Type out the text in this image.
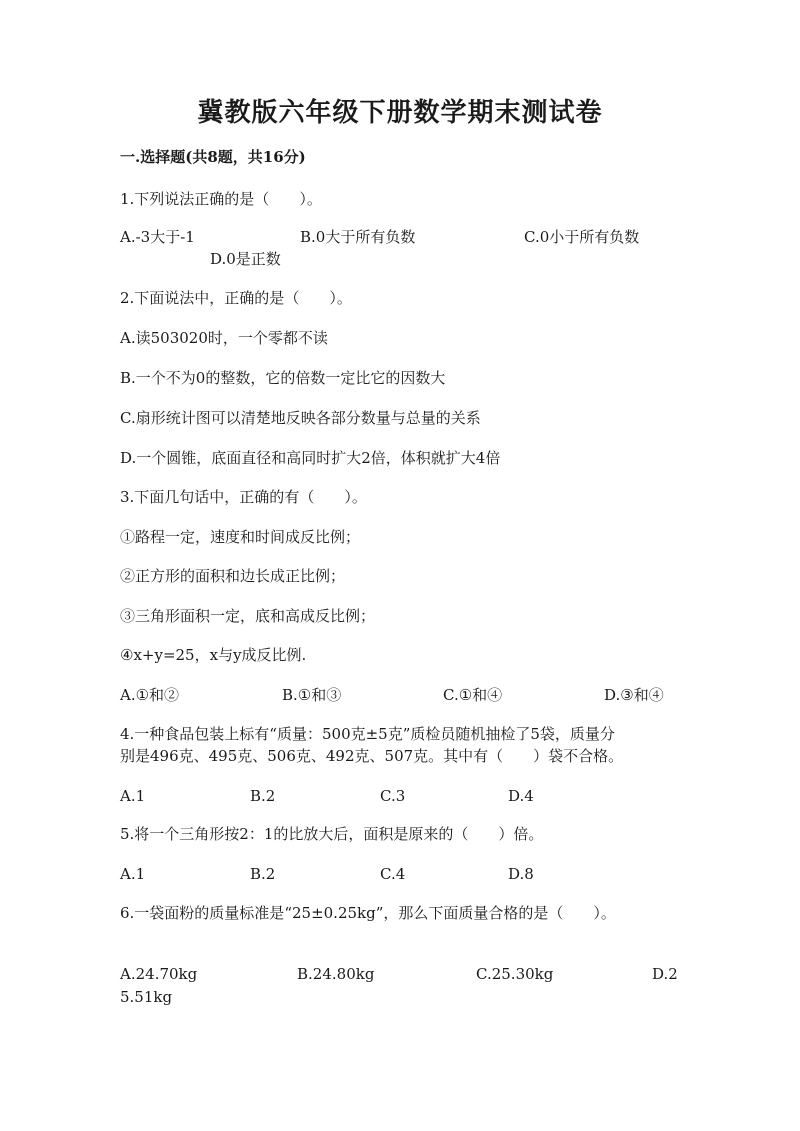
冀教版六年级下册数学期末测试卷
一.选择题(共8题，共16分)
1.下列说法正确的是（　　）。
A.-3大于-1	B.0大于所有负数	C.0小于所有负数
D.0是正数
2.下面说法中，正确的是（　　）。
A.读503020时，一个零都不读
B.一个不为0的整数，它的倍数一定比它的因数大
C.扇形统计图可以清楚地反映各部分数量与总量的关系
D.一个圆锥，底面直径和高同时扩大2倍，体积就扩大4倍
3.下面几句话中，正确的有（　　）。
①路程一定，速度和时间成反比例；
②正方形的面积和边长成正比例；
③三角形面积一定，底和高成反比例；
④x+y=25，x与y成反比例.
A.①和②	B.①和③	C.①和④	D.③和④
4.一种食品包装上标有“质量：500克±5克”质检员随机抽检了5袋，质量分
别是496克、495克、506克、492克、507克。其中有（　　）袋不合格。
A.1	B.2	C.3	D.4
5.将一个三角形按2：1的比放大后，面积是原来的（　　）倍。
A.1	B.2	C.4	D.8
6.一袋面粉的质量标准是“25±0.25kg”，那么下面质量合格的是（　　）。
A.24.70kg	B.24.80kg	C.25.30kg	D.2
5.51kg
